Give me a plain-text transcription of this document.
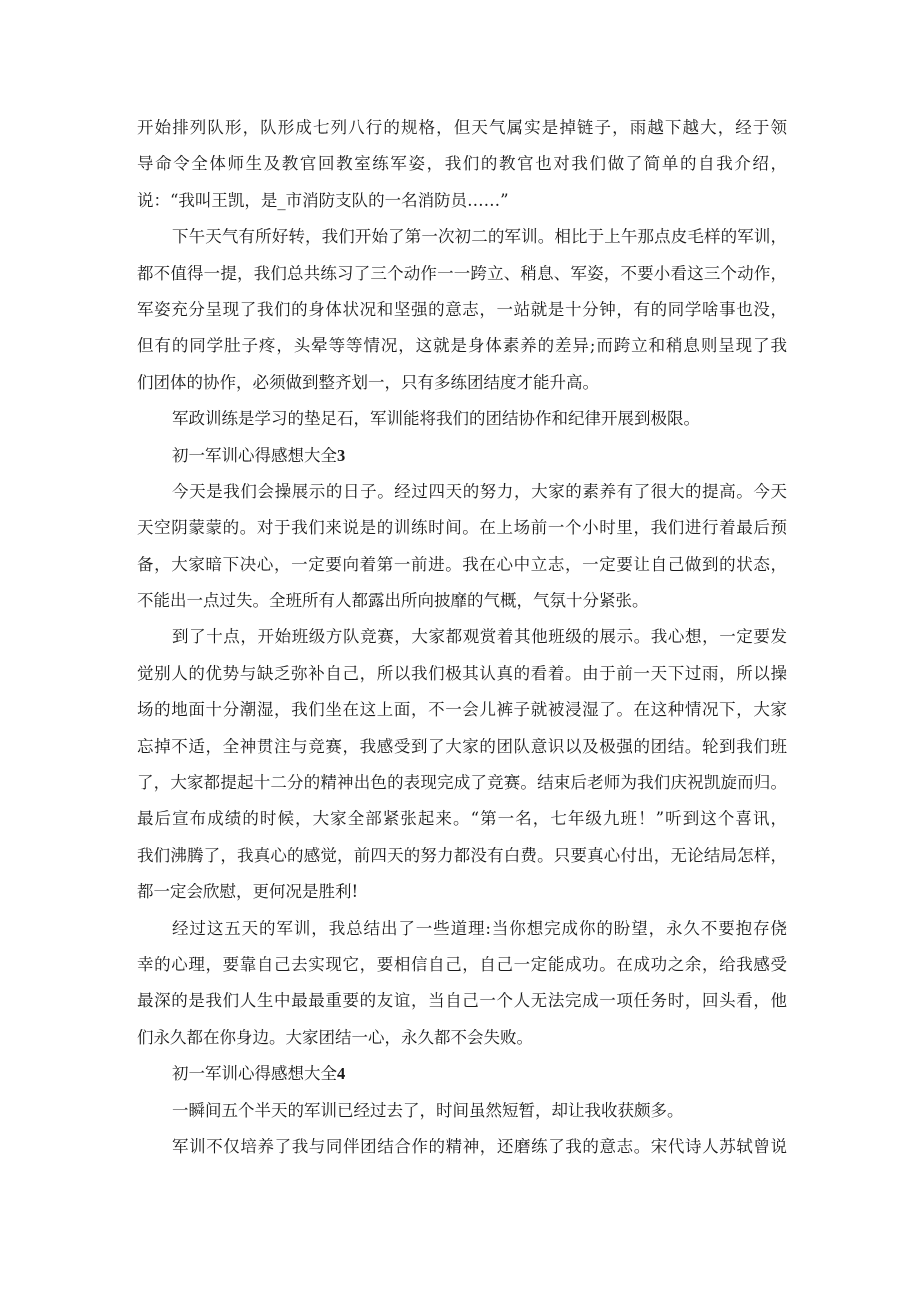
开始排列队形，队形成七列八行的规格，但天气属实是掉链子，雨越下越大，经于领
导命令全体师生及教官回教室练军姿，我们的教官也对我们做了简单的自我介绍，
说：“我叫王凯，是_市消防支队的一名消防员……”
下午天气有所好转，我们开始了第一次初二的军训。相比于上午那点皮毛样的军训，
都不值得一提，我们总共练习了三个动作一一跨立、稍息、军姿，不要小看这三个动作，
军姿充分呈现了我们的身体状况和坚强的意志，一站就是十分钟，有的同学啥事也没，
但有的同学肚子疼，头晕等等情况，这就是身体素养的差异;而跨立和稍息则呈现了我
们团体的协作，必须做到整齐划一，只有多练团结度才能升高。
军政训练是学习的垫足石，军训能将我们的团结协作和纪律开展到极限。
初一军训心得感想大全3
今天是我们会操展示的日子。经过四天的努力，大家的素养有了很大的提高。今天
天空阴蒙蒙的。对于我们来说是的训练时间。在上场前一个小时里，我们进行着最后预
备，大家暗下决心，一定要向着第一前进。我在心中立志，一定要让自己做到的状态，
不能出一点过失。全班所有人都露出所向披靡的气概，气氛十分紧张。
到了十点，开始班级方队竞赛，大家都观赏着其他班级的展示。我心想，一定要发
觉别人的优势与缺乏弥补自己，所以我们极其认真的看着。由于前一天下过雨，所以操
场的地面十分潮湿，我们坐在这上面，不一会儿裤子就被浸湿了。在这种情况下，大家
忘掉不适，全神贯注与竞赛，我感受到了大家的团队意识以及极强的团结。轮到我们班
了，大家都提起十二分的精神出色的表现完成了竞赛。结束后老师为我们庆祝凯旋而归。
最后宣布成绩的时候，大家全部紧张起来。“第一名，七年级九班！”听到这个喜讯，
我们沸腾了，我真心的感觉，前四天的努力都没有白费。只要真心付出，无论结局怎样，
都一定会欣慰，更何况是胜利!
经过这五天的军训，我总结出了一些道理:当你想完成你的盼望，永久不要抱存侥
幸的心理，要靠自己去实现它，要相信自己，自己一定能成功。在成功之余，给我感受
最深的是我们人生中最最重要的友谊，当自己一个人无法完成一项任务时，回头看，他
们永久都在你身边。大家团结一心，永久都不会失败。
初一军训心得感想大全4
一瞬间五个半天的军训已经过去了，时间虽然短暂，却让我收获颇多。
军训不仅培养了我与同伴团结合作的精神，还磨练了我的意志。宋代诗人苏轼曾说
